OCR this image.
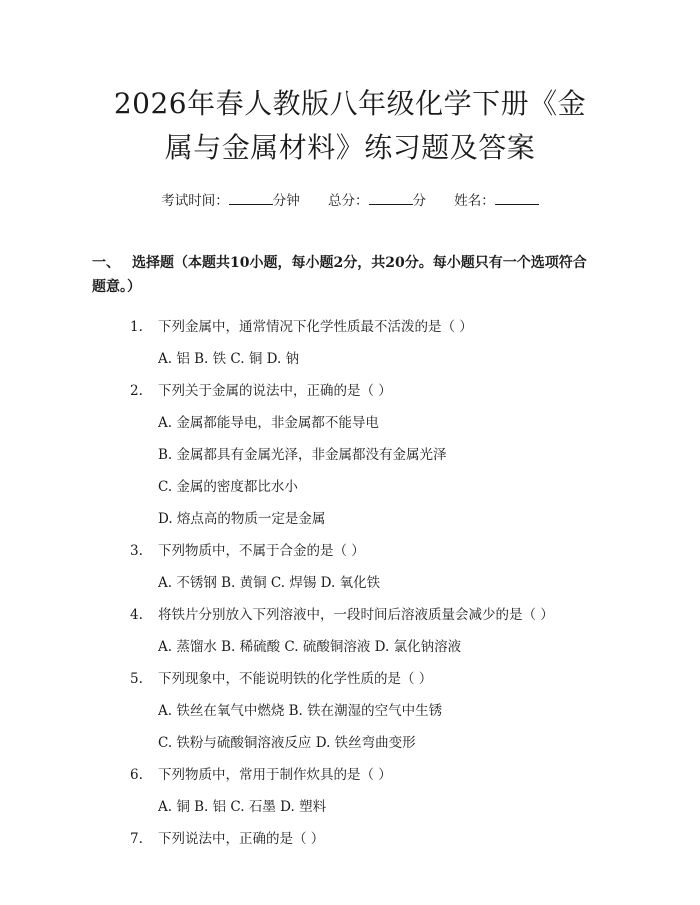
2026年春人教版八年级化学下册《金属与金属材料》练习题及答案
考试时间：	分钟 总分：	分 姓名：
一、 选择题（本题共10小题，每小题2分，共20分。每小题只有一个选项符合题意。）
1. 下列金属中，通常情况下化学性质最不活泼的是（ ）
A. 铝 B. 铁 C. 铜 D. 钠
2. 下列关于金属的说法中，正确的是（ ）
A. 金属都能导电，非金属都不能导电
B. 金属都具有金属光泽，非金属都没有金属光泽
C. 金属的密度都比水小
D. 熔点高的物质一定是金属
3. 下列物质中，不属于合金的是（ ）
A. 不锈钢 B. 黄铜 C. 焊锡 D. 氧化铁
4. 将铁片分别放入下列溶液中，一段时间后溶液质量会减少的是（ ）
A. 蒸馏水 B. 稀硫酸 C. 硫酸铜溶液 D. 氯化钠溶液
5. 下列现象中，不能说明铁的化学性质的是（ ）
A. 铁丝在氧气中燃烧 B. 铁在潮湿的空气中生锈
C. 铁粉与硫酸铜溶液反应 D. 铁丝弯曲变形
6. 下列物质中，常用于制作炊具的是（ ）
A. 铜 B. 铝 C. 石墨 D. 塑料
7. 下列说法中，正确的是（ ）
